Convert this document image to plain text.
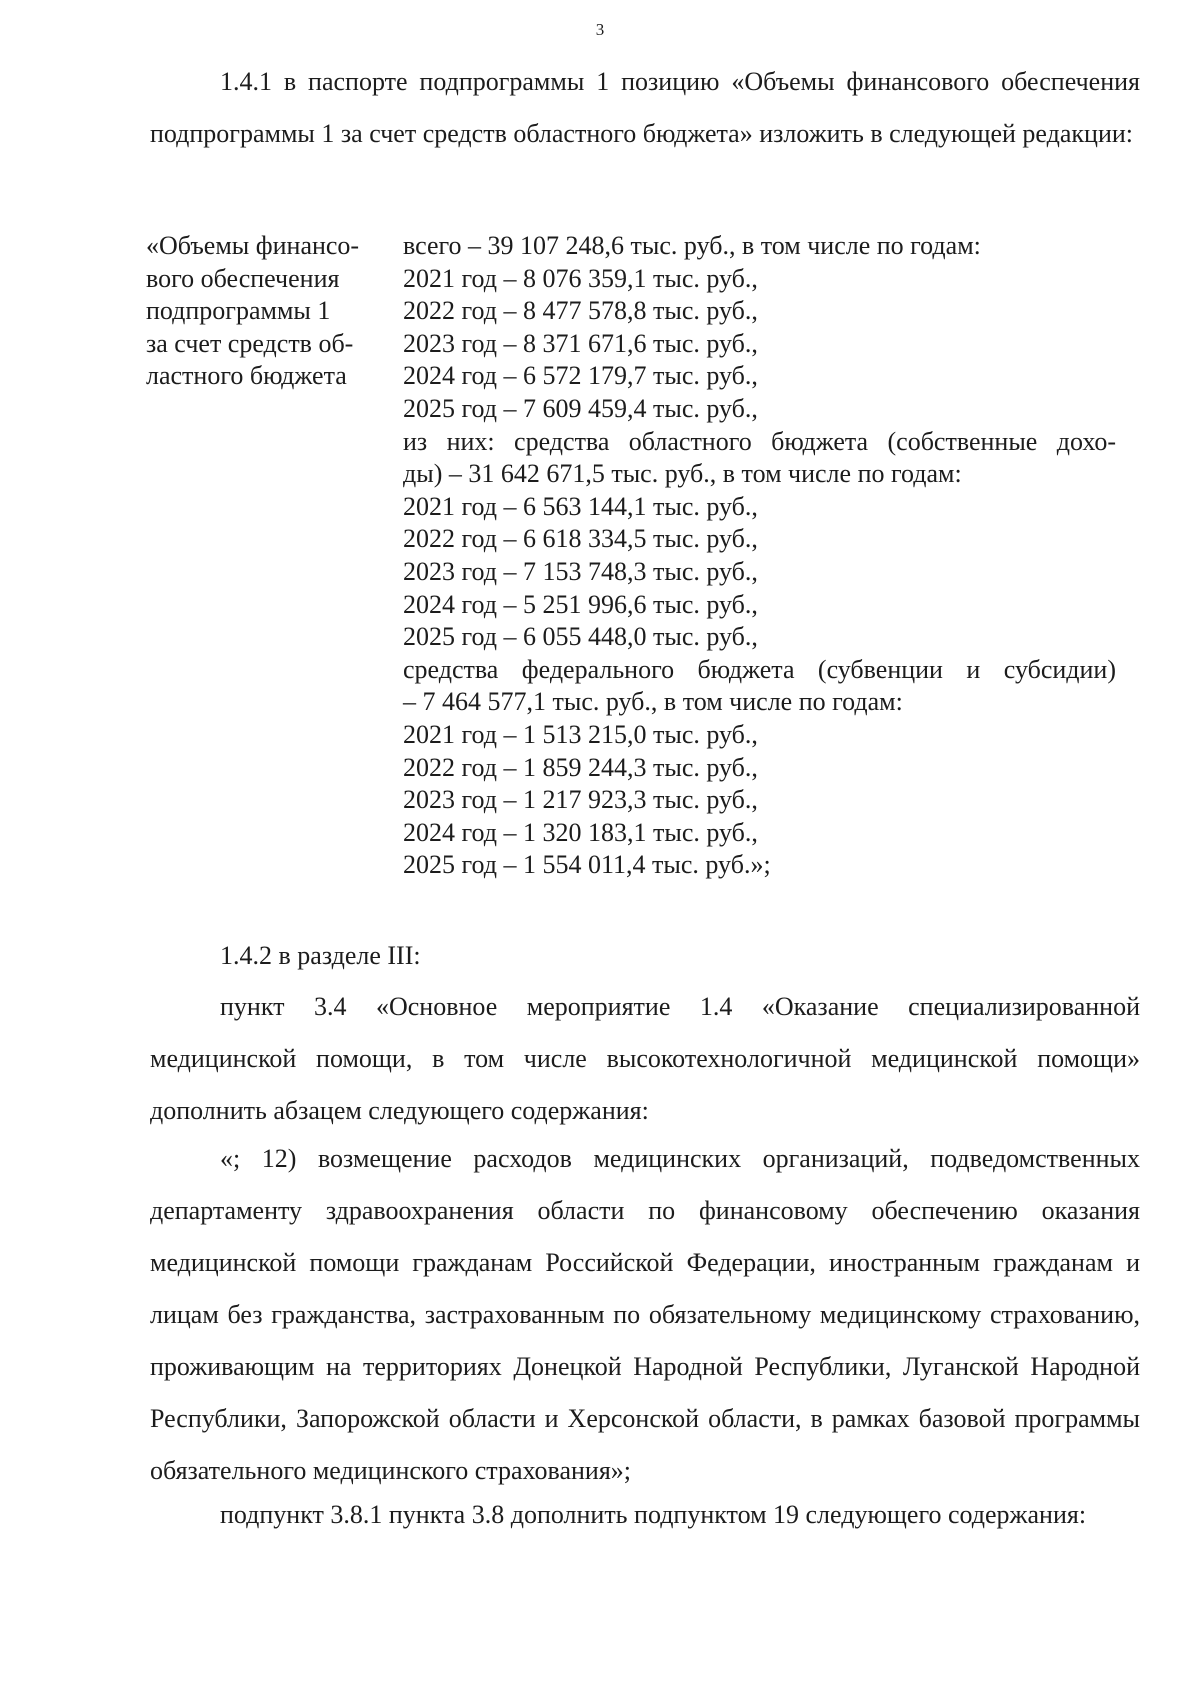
3

1.4.1 в паспорте подпрограммы 1 позицию «Объемы финансового обеспечения подпрограммы 1 за счет средств областного бюджета» изложить в следующей редакции:

«Объемы финансо-
вого обеспечения
подпрограммы 1
за счет средств об-
ластного бюджета
всего – 39 107 248,6 тыс. руб., в том числе по годам:
2021 год – 8 076 359,1 тыс. руб.,
2022 год – 8 477 578,8 тыс. руб.,
2023 год – 8 371 671,6 тыс. руб.,
2024 год – 6 572 179,7 тыс. руб.,
2025 год – 7 609 459,4 тыс. руб.,
из них: средства областного бюджета (собственные дохо-
ды) – 31 642 671,5 тыс. руб., в том числе по годам:
2021 год – 6 563 144,1 тыс. руб.,
2022 год – 6 618 334,5 тыс. руб.,
2023 год – 7 153 748,3 тыс. руб.,
2024 год – 5 251 996,6 тыс. руб.,
2025 год – 6 055 448,0 тыс. руб.,
средства федерального бюджета (субвенции и субсидии)
– 7 464 577,1 тыс. руб., в том числе по годам:
2021 год – 1 513 215,0 тыс. руб.,
2022 год – 1 859 244,3 тыс. руб.,
2023 год – 1 217 923,3 тыс. руб.,
2024 год – 1 320 183,1 тыс. руб.,
2025 год – 1 554 011,4 тыс. руб.»;

1.4.2 в разделе III:

пункт 3.4 «Основное мероприятие 1.4 «Оказание специализированной медицинской помощи, в том числе высокотехнологичной медицинской помощи» дополнить абзацем следующего содержания:

«; 12) возмещение расходов медицинских организаций, подведомственных департаменту здравоохранения области по финансовому обеспечению оказания медицинской помощи гражданам Российской Федерации, иностранным гражданам и лицам без гражданства, застрахованным по обязательному медицинскому страхованию, проживающим на территориях Донецкой Народной Республики, Луганской Народной Республики, Запорожской области и Херсонской области, в рамках базовой программы обязательного медицинского страхования»;

подпункт 3.8.1 пункта 3.8 дополнить подпунктом 19 следующего содержания:
